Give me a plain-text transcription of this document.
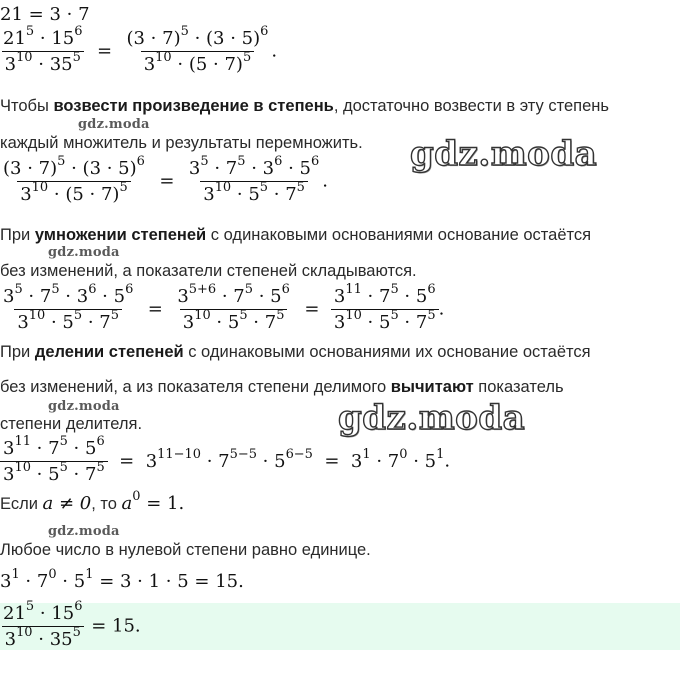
21 = 3 · 7
$\frac{21^5 \cdot 15^6}{3^{10} \cdot 35^5} = \frac{(3 \cdot 7)^5 \cdot (3 \cdot 5)^6}{3^{10} \cdot (5 \cdot 7)^5}$ .
Чтобы возвести произведение в степень, достаточно возвести в эту степень
gdz.moda
каждый множитель и результаты перемножить. gdz.moda
$\frac{(3 \cdot 7)^5 \cdot (3 \cdot 5)^6}{3^{10} \cdot (5 \cdot 7)^5} = \frac{3^5 \cdot 7^5 \cdot 3^6 \cdot 5^6}{3^{10} \cdot 5^5 \cdot 7^5}$ .
При умножении степеней с одинаковыми основаниями основание остаётся
gdz.moda
без изменений, а показатели степеней складываются.
$\frac{3^5 \cdot 7^5 \cdot 3^6 \cdot 5^6}{3^{10} \cdot 5^5 \cdot 7^5} = \frac{3^{5+6} \cdot 7^5 \cdot 5^6}{3^{10} \cdot 5^5 \cdot 7^5} = \frac{3^{11} \cdot 7^5 \cdot 5^6}{3^{10} \cdot 5^5 \cdot 7^5}$ .
При делении степеней с одинаковыми основаниями их основание остаётся
без изменений, а из показателя степени делимого вычитают показатель
gdz.moda
степени делителя.	gdz.moda
$\frac{3^{11} \cdot 7^5 \cdot 5^6}{3^{10} \cdot 5^5 \cdot 7^5} = 3^{11-10} \cdot 7^{5-5} \cdot 5^{6-5} = 3^1 \cdot 7^0 \cdot 5^1$.
Если a ≠ 0, то $a^0 = 1$.
gdz.moda
Любое число в нулевой степени равно единице.
$3^1 \cdot 7^0 \cdot 5^1 = 3 \cdot 1 \cdot 5 = 15$.
$\frac{21^5 \cdot 15^6}{3^{10} \cdot 35^5} = 15$.
